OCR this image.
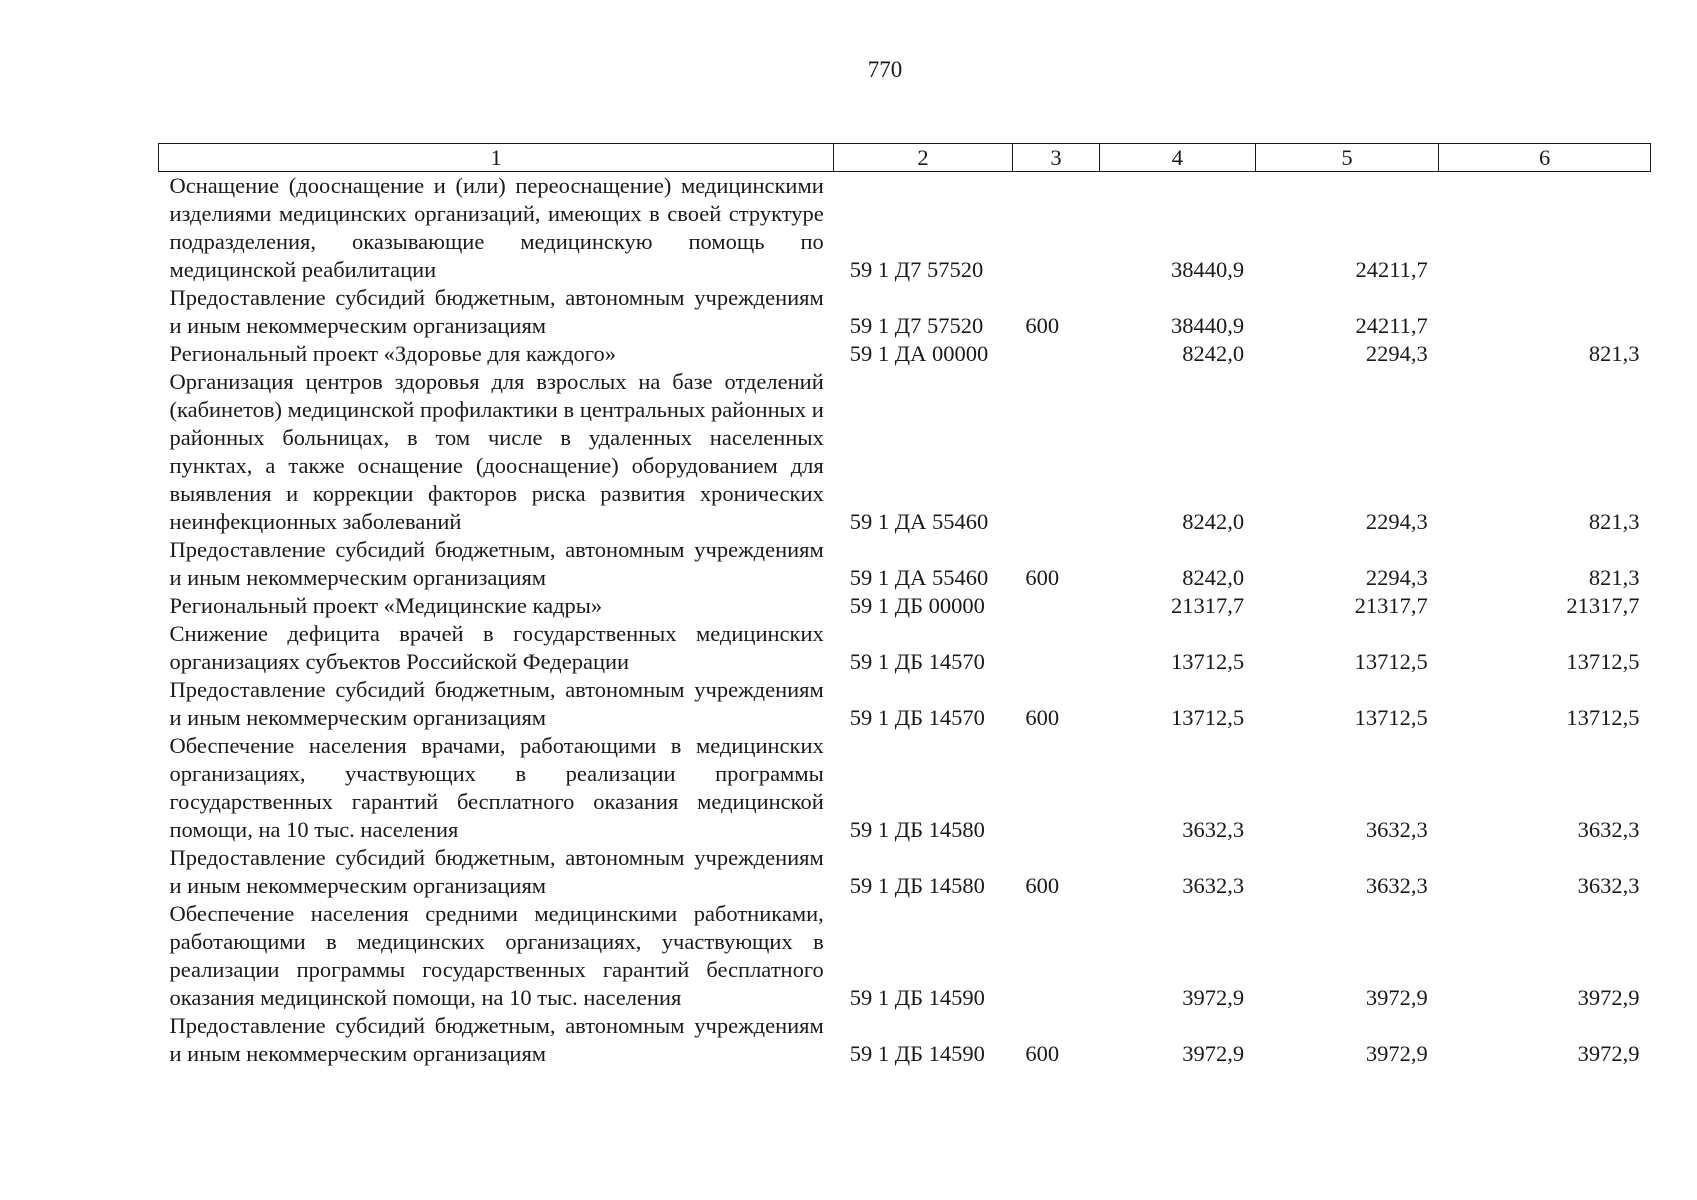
770
1	2	3	4	5	6
Оснащение (дооснащение и (или) переоснащение) медицинскими изделиями медицинских организаций, имеющих в своей структуре подразделения, оказывающие медицинскую помощь по медицинской реабилитации	59 1 Д7 57520		38440,9	24211,7	
Предоставление субсидий бюджетным, автономным учреждениям и иным некоммерческим организациям	59 1 Д7 57520	600	38440,9	24211,7	
Региональный проект «Здоровье для каждого»	59 1 ДА 00000		8242,0	2294,3	821,3
Организация центров здоровья для взрослых на базе отделений (кабинетов) медицинской профилактики в центральных районных и районных больницах, в том числе в удаленных населенных пунктах, а также оснащение (дооснащение) оборудованием для выявления и коррекции факторов риска развития хронических неинфекционных заболеваний	59 1 ДА 55460		8242,0	2294,3	821,3
Предоставление субсидий бюджетным, автономным учреждениям и иным некоммерческим организациям	59 1 ДА 55460	600	8242,0	2294,3	821,3
Региональный проект «Медицинские кадры»	59 1 ДБ 00000		21317,7	21317,7	21317,7
Снижение дефицита врачей в государственных медицинских организациях субъектов Российской Федерации	59 1 ДБ 14570		13712,5	13712,5	13712,5
Предоставление субсидий бюджетным, автономным учреждениям и иным некоммерческим организациям	59 1 ДБ 14570	600	13712,5	13712,5	13712,5
Обеспечение населения врачами, работающими в медицинских организациях, участвующих в реализации программы государственных гарантий бесплатного оказания медицинской помощи, на 10 тыс. населения	59 1 ДБ 14580		3632,3	3632,3	3632,3
Предоставление субсидий бюджетным, автономным учреждениям и иным некоммерческим организациям	59 1 ДБ 14580	600	3632,3	3632,3	3632,3
Обеспечение населения средними медицинскими работниками, работающими в медицинских организациях, участвующих в реализации программы государственных гарантий бесплатного оказания медицинской помощи, на 10 тыс. населения	59 1 ДБ 14590		3972,9	3972,9	3972,9
Предоставление субсидий бюджетным, автономным учреждениям и иным некоммерческим организациям	59 1 ДБ 14590	600	3972,9	3972,9	3972,9
